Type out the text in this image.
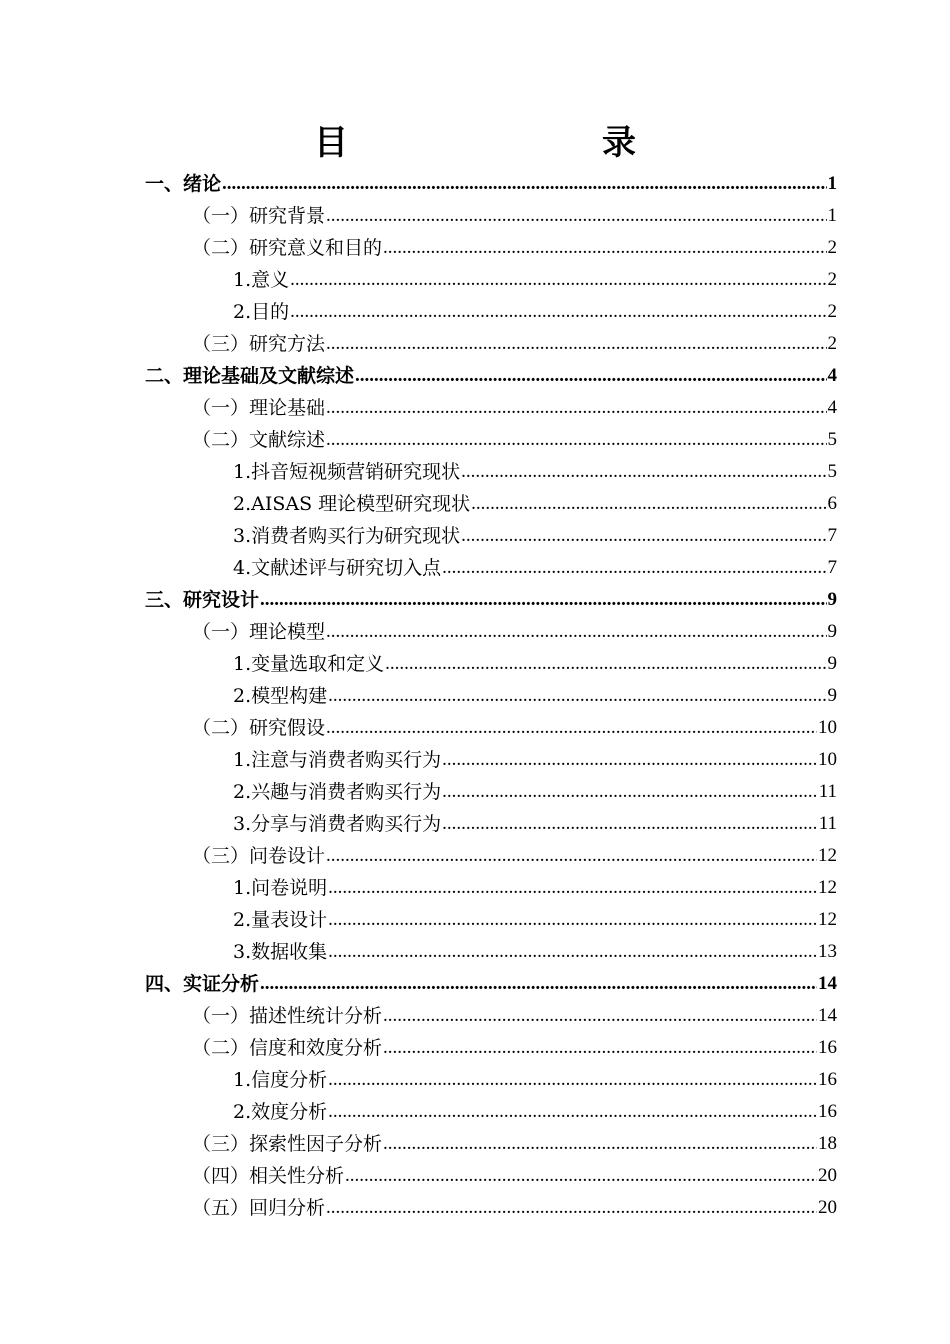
目　　录
一、绪论 .....	1
（一）研究背景 .....	1
（二）研究意义和目的 .....	2
1.意义 .....	2
2.目的 .....	2
（三）研究方法 .....	2
二、理论基础及文献综述 .....	4
（一）理论基础 .....	4
（二）文献综述 .....	5
1.抖音短视频营销研究现状 .....	5
2.AISAS 理论模型研究现状 .....	6
3.消费者购买行为研究现状 .....	7
4.文献述评与研究切入点 .....	7
三、研究设计 .....	9
（一）理论模型 .....	9
1.变量选取和定义 .....	9
2.模型构建 .....	9
（二）研究假设 .....	10
1.注意与消费者购买行为 .....	10
2.兴趣与消费者购买行为 .....	11
3.分享与消费者购买行为 .....	11
（三）问卷设计 .....	12
1.问卷说明 .....	12
2.量表设计 .....	12
3.数据收集 .....	13
四、实证分析 .....	14
（一）描述性统计分析 .....	14
（二）信度和效度分析 .....	16
1.信度分析 .....	16
2.效度分析 .....	16
（三）探索性因子分析 .....	18
（四）相关性分析 .....	20
（五）回归分析 .....	20
